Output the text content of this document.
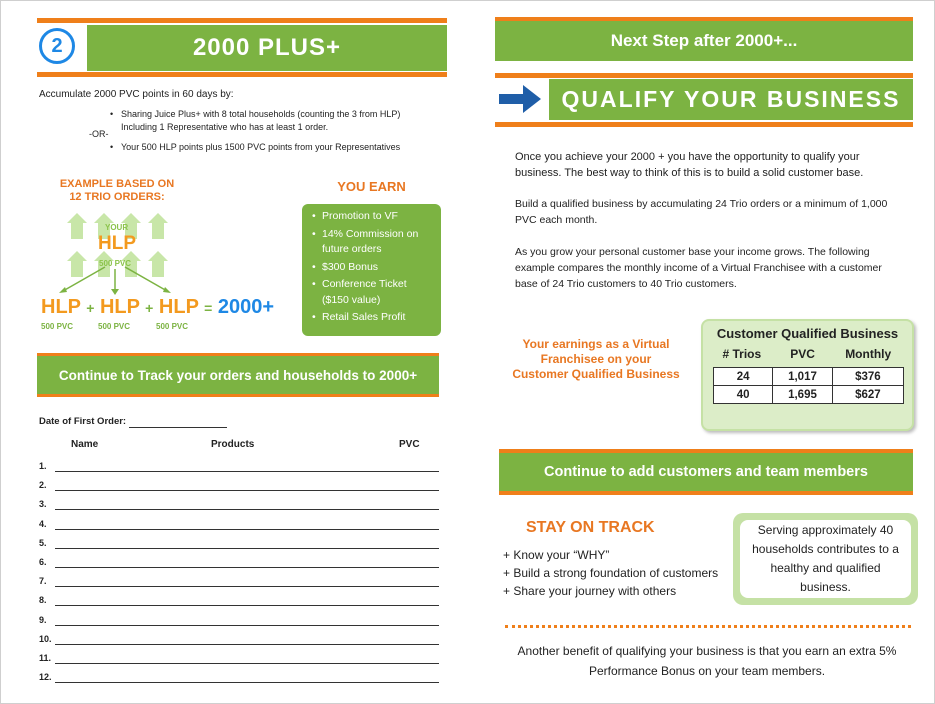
2000 PLUS+
2
Accumulate 2000 PVC points in 60 days by:
• Sharing Juice Plus+ with 8 total households (counting the 3 from HLP)
Including 1 Representative who has at least 1 order.
-OR-
• Your 500 HLP points plus 1500 PVC points from your Representatives
EXAMPLE BASED ON
12 TRIO ORDERS:
YOUR
HLP
500 PVC
HLP + HLP + HLP = 2000+
500 PVC	500 PVC	500 PVC
YOU EARN
• Promotion to VF
• 14% Commission on future orders
• $300 Bonus
• Conference Ticket ($150 value)
• Retail Sales Profit
Continue to Track your orders and households to 2000+
Date of First Order:
Name	Products	PVC
1.
2.
3.
4.
5.
6.
7.
8.
9.
10.
11.
12.
Next Step after 2000+...
QUALIFY YOUR BUSINESS
Once you achieve your 2000 + you have the opportunity to qualify your business. The best way to think of this is to build a solid customer base.
Build a qualified business by accumulating 24 Trio orders or a minimum of 1,000 PVC each month.
As you grow your personal customer base your income grows. The following example compares the monthly income of a Virtual Franchisee with a customer base of 24 Trio customers to 40 Trio customers.
Your earnings as a Virtual Franchisee on your Customer Qualified Business
Customer Qualified Business
# Trios	PVC	Monthly
24	1,017	$376
40	1,695	$627
Continue to add customers and team members
STAY ON TRACK
+ Know your “WHY”
+ Build a strong foundation of customers
+ Share your journey with others
Serving approximately 40 households contributes to a healthy and qualified business.
Another benefit of qualifying your business is that you earn an extra 5%
Performance Bonus on your team members.
